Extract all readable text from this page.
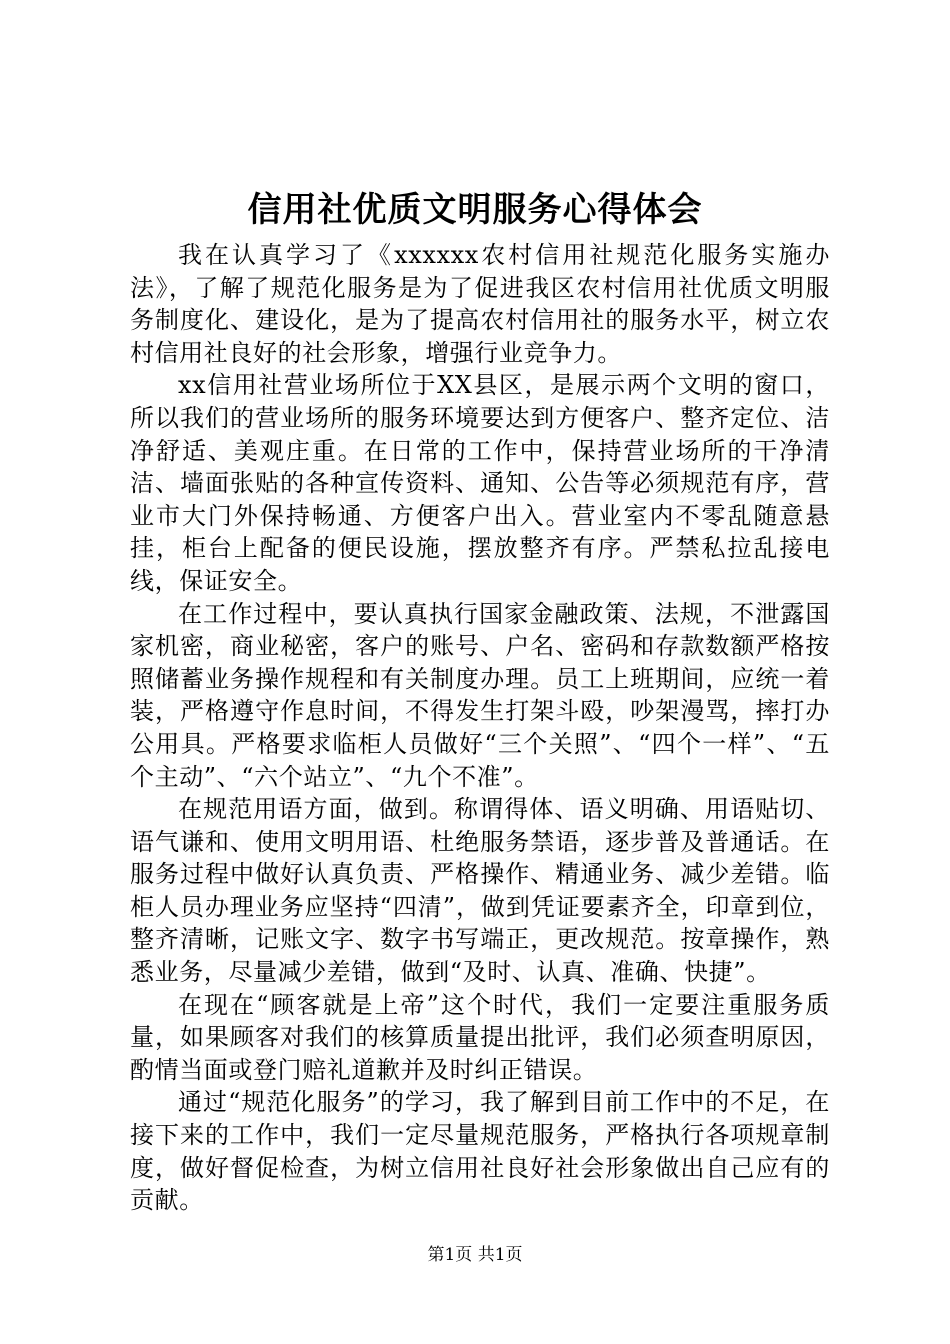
信用社优质文明服务心得体会

我在认真学习了《xxxxxx农村信用社规范化服务实施办法》，了解了规范化服务是为了促进我区农村信用社优质文明服务制度化、建设化，是为了提高农村信用社的服务水平，树立农村信用社良好的社会形象，增强行业竞争力。

xx信用社营业场所位于XX县区，是展示两个文明的窗口，所以我们的营业场所的服务环境要达到方便客户、整齐定位、洁净舒适、美观庄重。在日常的工作中，保持营业场所的干净清洁、墙面张贴的各种宣传资料、通知、公告等必须规范有序，营业市大门外保持畅通、方便客户出入。营业室内不零乱随意悬挂，柜台上配备的便民设施，摆放整齐有序。严禁私拉乱接电线，保证安全。

在工作过程中，要认真执行国家金融政策、法规，不泄露国家机密，商业秘密，客户的账号、户名、密码和存款数额严格按照储蓄业务操作规程和有关制度办理。员工上班期间，应统一着装，严格遵守作息时间，不得发生打架斗殴，吵架漫骂，摔打办公用具。严格要求临柜人员做好“三个关照”、“四个一样”、“五个主动”、“六个站立”、“九个不准”。

在规范用语方面，做到。称谓得体、语义明确、用语贴切、语气谦和、使用文明用语、杜绝服务禁语，逐步普及普通话。在服务过程中做好认真负责、严格操作、精通业务、减少差错。临柜人员办理业务应坚持“四清”，做到凭证要素齐全，印章到位，整齐清晰，记账文字、数字书写端正，更改规范。按章操作，熟悉业务，尽量减少差错，做到“及时、认真、准确、快捷”。

在现在“顾客就是上帝”这个时代，我们一定要注重服务质量，如果顾客对我们的核算质量提出批评，我们必须查明原因，酌情当面或登门赔礼道歉并及时纠正错误。

通过“规范化服务”的学习，我了解到目前工作中的不足，在接下来的工作中，我们一定尽量规范服务，严格执行各项规章制度，做好督促检查，为树立信用社良好社会形象做出自己应有的贡献。

第1页 共1页
